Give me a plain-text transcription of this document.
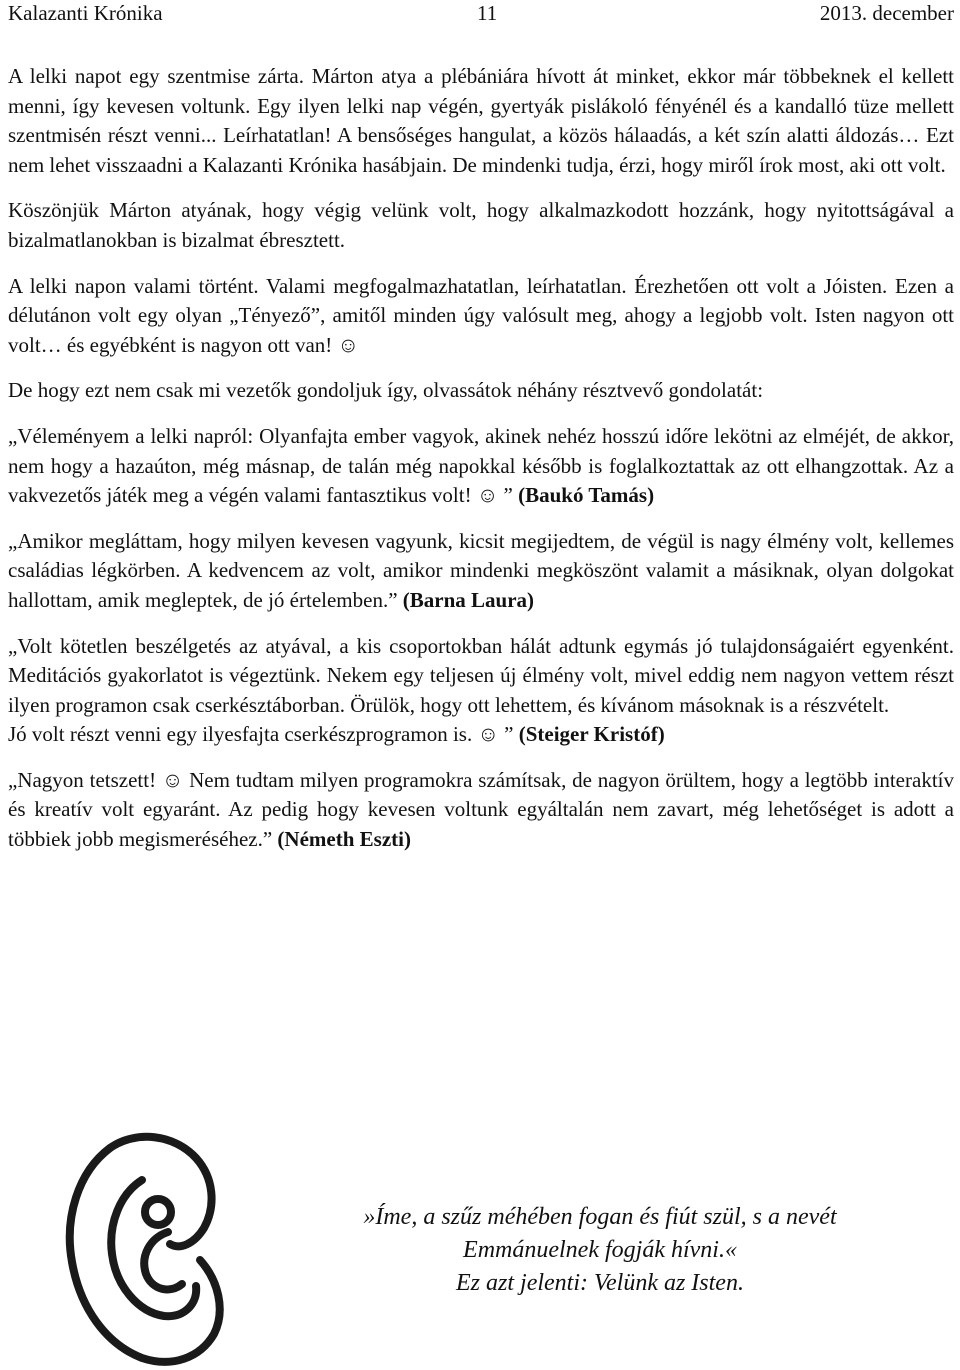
Kalazanti Krónika	11	2013. december

A lelki napot egy szentmise zárta. Márton atya a plébániára hívott át minket, ekkor már többeknek el kellett menni, így kevesen voltunk. Egy ilyen lelki nap végén, gyertyák pislákoló fényénél és a kandalló tüze mellett szentmisén részt venni... Leírhatatlan! A bensőséges hangulat, a közös hálaadás, a két szín alatti áldozás… Ezt nem lehet visszaadni a Kalazanti Krónika hasábjain. De mindenki tudja, érzi, hogy miről írok most, aki ott volt.

Köszönjük Márton atyának, hogy végig velünk volt, hogy alkalmazkodott hozzánk, hogy nyitottságával a bizalmatlanokban is bizalmat ébresztett.

A lelki napon valami történt. Valami megfogalmazhatatlan, leírhatatlan. Érezhetően ott volt a Jóisten. Ezen a délutánon volt egy olyan „Tényező”, amitől minden úgy valósult meg, ahogy a legjobb volt. Isten nagyon ott volt… és egyébként is nagyon ott van! ☺

De hogy ezt nem csak mi vezetők gondoljuk így, olvassátok néhány résztvevő gondolatát:

„Véleményem a lelki napról: Olyanfajta ember vagyok, akinek nehéz hosszú időre lekötni az elméjét, de akkor, nem hogy a hazaúton, még másnap, de talán még napokkal később is foglalkoztattak az ott elhangzottak. Az a vakvezetős játék meg a végén valami fantasztikus volt! ☺ ” (Baukó Tamás)

„Amikor megláttam, hogy milyen kevesen vagyunk, kicsit megijedtem, de végül is nagy élmény volt, kellemes családias légkörben. A kedvencem az volt, amikor mindenki megköszönt valamit a másiknak, olyan dolgokat hallottam, amik megleptek, de jó értelemben.” (Barna Laura)

„Volt kötetlen beszélgetés az atyával, a kis csoportokban hálát adtunk egymás jó tulajdonságaiért egyenként. Meditációs gyakorlatot is végeztünk. Nekem egy teljesen új élmény volt, mivel eddig nem nagyon vettem részt ilyen programon csak cserkésztáborban. Örülök, hogy ott lehettem, és kívánom másoknak is a részvételt.
Jó volt részt venni egy ilyesfajta cserkészprogramon is. ☺ ” (Steiger Kristóf)

„Nagyon tetszett! ☺ Nem tudtam milyen programokra számítsak, de nagyon örültem, hogy a legtöbb interaktív és kreatív volt egyaránt. Az pedig hogy kevesen voltunk egyáltalán nem zavart, még lehetőséget is adott a többiek jobb megismeréséhez.” (Németh Eszti)

»Íme, a szűz méhében fogan és fiút szül, s a nevét
Emmánuelnek fogják hívni.«
Ez azt jelenti: Velünk az Isten.
